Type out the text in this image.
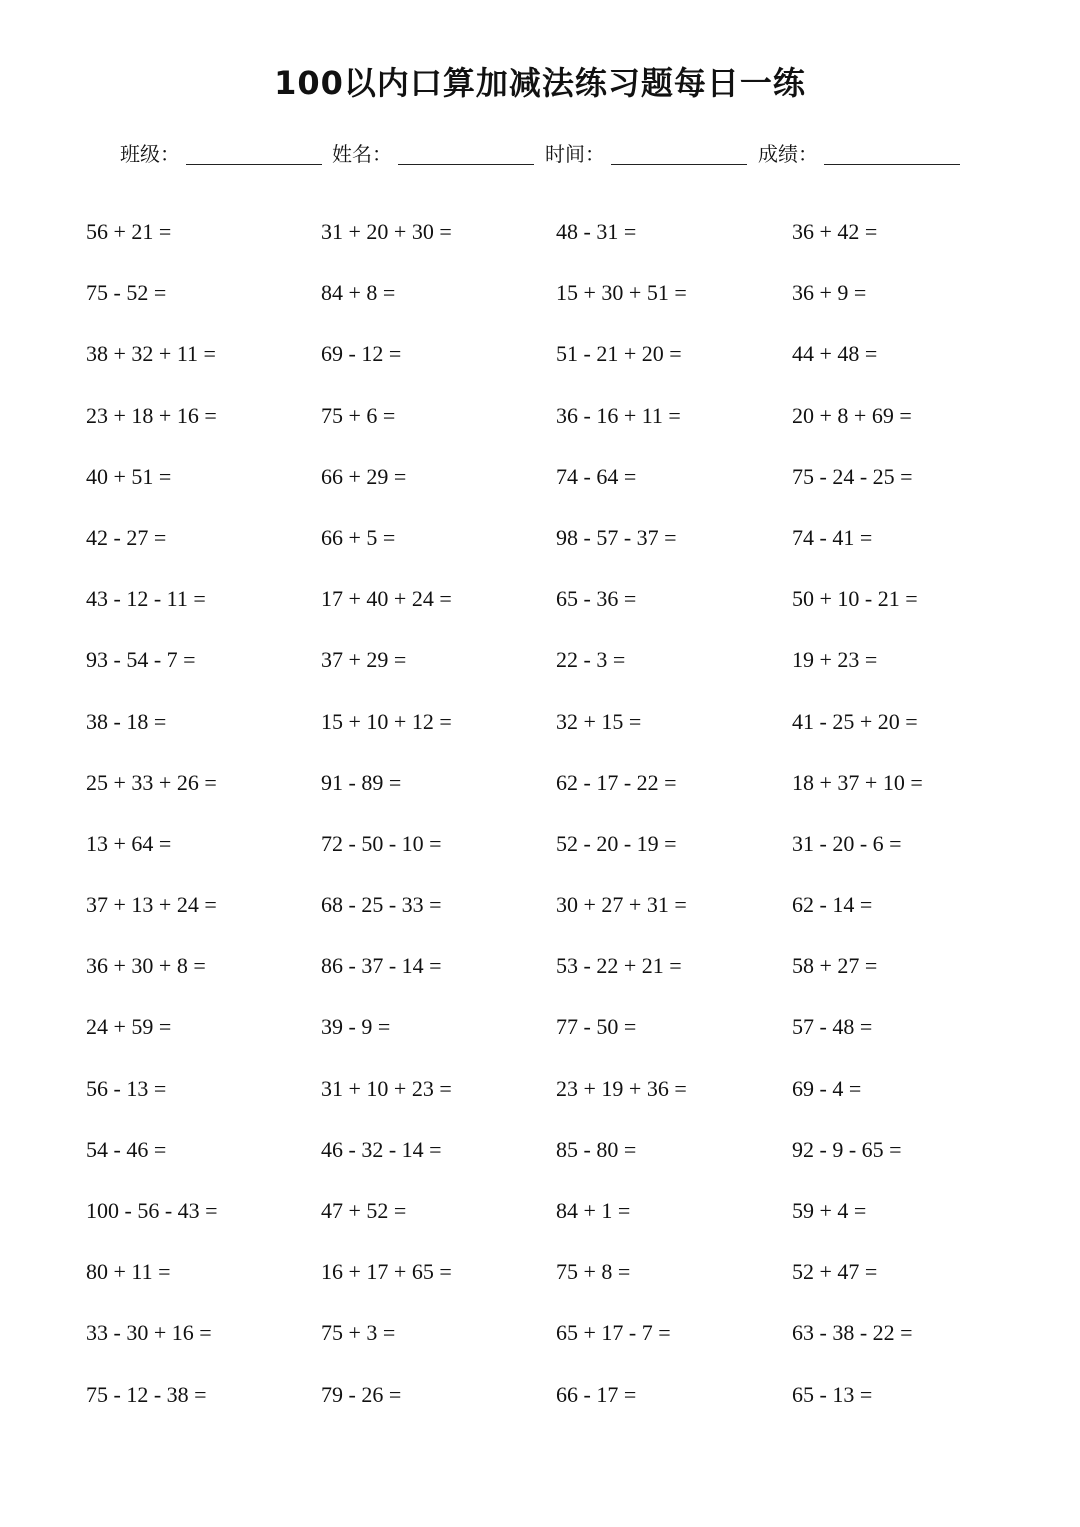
100以内口算加减法练习题每日一练
班级：	姓名：	时间：	成绩：
56 + 21 =	31 + 20 + 30 =	48 - 31 =	36 + 42 =
75 - 52 =	84 + 8 =	15 + 30 + 51 =	36 + 9 =
38 + 32 + 11 =	69 - 12 =	51 - 21 + 20 =	44 + 48 =
23 + 18 + 16 =	75 + 6 =	36 - 16 + 11 =	20 + 8 + 69 =
40 + 51 =	66 + 29 =	74 - 64 =	75 - 24 - 25 =
42 - 27 =	66 + 5 =	98 - 57 - 37 =	74 - 41 =
43 - 12 - 11 =	17 + 40 + 24 =	65 - 36 =	50 + 10 - 21 =
93 - 54 - 7 =	37 + 29 =	22 - 3 =	19 + 23 =
38 - 18 =	15 + 10 + 12 =	32 + 15 =	41 - 25 + 20 =
25 + 33 + 26 =	91 - 89 =	62 - 17 - 22 =	18 + 37 + 10 =
13 + 64 =	72 - 50 - 10 =	52 - 20 - 19 =	31 - 20 - 6 =
37 + 13 + 24 =	68 - 25 - 33 =	30 + 27 + 31 =	62 - 14 =
36 + 30 + 8 =	86 - 37 - 14 =	53 - 22 + 21 =	58 + 27 =
24 + 59 =	39 - 9 =	77 - 50 =	57 - 48 =
56 - 13 =	31 + 10 + 23 =	23 + 19 + 36 =	69 - 4 =
54 - 46 =	46 - 32 - 14 =	85 - 80 =	92 - 9 - 65 =
100 - 56 - 43 =	47 + 52 =	84 + 1 =	59 + 4 =
80 + 11 =	16 + 17 + 65 =	75 + 8 =	52 + 47 =
33 - 30 + 16 =	75 + 3 =	65 + 17 - 7 =	63 - 38 - 22 =
75 - 12 - 38 =	79 - 26 =	66 - 17 =	65 - 13 =
